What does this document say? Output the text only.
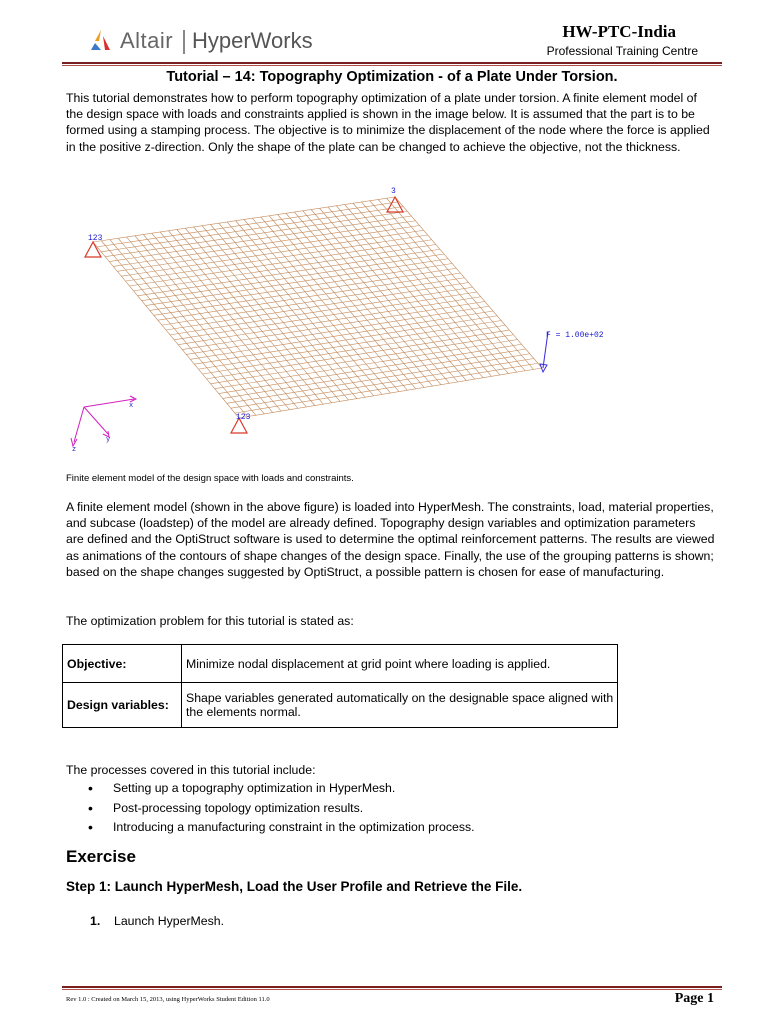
Altair HyperWorks	HW-PTC-India
Professional Training Centre
Tutorial – 14: Topography Optimization - of a Plate Under Torsion.

This tutorial demonstrates how to perform topography optimization of a plate under torsion. A finite element model of the design space with loads and constraints applied is shown in the image below. It is assumed that the part is to be formed using a stamping process. The objective is to minimize the displacement of the node where the force is applied in the positive z-direction. Only the shape of the plate can be changed to achieve the objective, not the thickness.

3
123
123
F = 1.00e+02
x
y
z
Finite element model of the design space with loads and constraints.

A finite element model (shown in the above figure) is loaded into HyperMesh. The constraints, load, material properties, and subcase (loadstep) of the model are already defined. Topography design variables and optimization parameters are defined and the OptiStruct software is used to determine the optimal reinforcement patterns. The results are viewed as animations of the contours of shape changes of the design space. Finally, the use of the grouping patterns is shown; based on the shape changes suggested by OptiStruct, a possible pattern is chosen for ease of manufacturing.

The optimization problem for this tutorial is stated as:

Objective:	Minimize nodal displacement at grid point where loading is applied.
Design variables:	Shape variables generated automatically on the designable space aligned with the elements normal.
The processes covered in this tutorial include:
• Setting up a topography optimization in HyperMesh.
• Post-processing topology optimization results.
• Introducing a manufacturing constraint in the optimization process.
Exercise
Step 1: Launch HyperMesh, Load the User Profile and Retrieve the File.
1. Launch HyperMesh.
Rev 1.0 : Created on March 15, 2013, using HyperWorks Student Edition 11.0	Page 1
